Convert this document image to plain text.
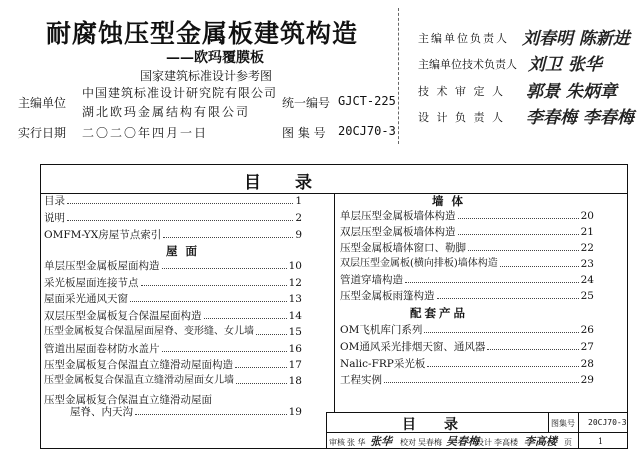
耐腐蚀压型金属板建筑构造
——欧玛覆膜板
国家建筑标准设计参考图
主编单位
中国建筑标准设计研究院有限公司
湖北欧玛金属结构有限公司
统一编号 GJCT-225
实行日期 二〇二〇年四月一日	图 集 号 20CJ70-3
主编单位负责人 刘春明 陈新进
主编单位技术负责人 刘卫 张华
技 术 审 定 人 郭景 朱炳章
设 计 负 责 人 李春梅 李春梅
目　　录
目录	1
说明	2
OMFM-YX房屋节点索引	9
屋面
单层压型金属板屋面构造	10
采光板屋面连接节点	12
屋面采光通风天窗	13
双层压型金属板复合保温屋面构造	14
压型金属板复合保温屋面屋脊、变形缝、女儿墙	15
管道出屋面卷材防水盖片	16
压型金属板复合保温直立缝滑动屋面构造	17
压型金属板复合保温直立缝滑动屋面女儿墙	18
压型金属板复合保温直立缝滑动屋面
屋脊、内天沟	19
墙体
单层压型金属板墙体构造	20
双层压型金属板墙体构造	21
压型金属板墙体窗口、勒脚	22
双层压型金属板(横向排板)墙体构造	23
管道穿墙构造	24
压型金属板雨篷构造	25
配套产品
OM飞机库门系列	26
OM通风采光排烟天窗、通风器	27
Nalic-FRP采光板	28
工程实例	29
目　　录	图集号 20CJ70-3
审核 张 华 张华 校对 吴春梅 吴春梅
设计 李高楼 李高楼 页	1
